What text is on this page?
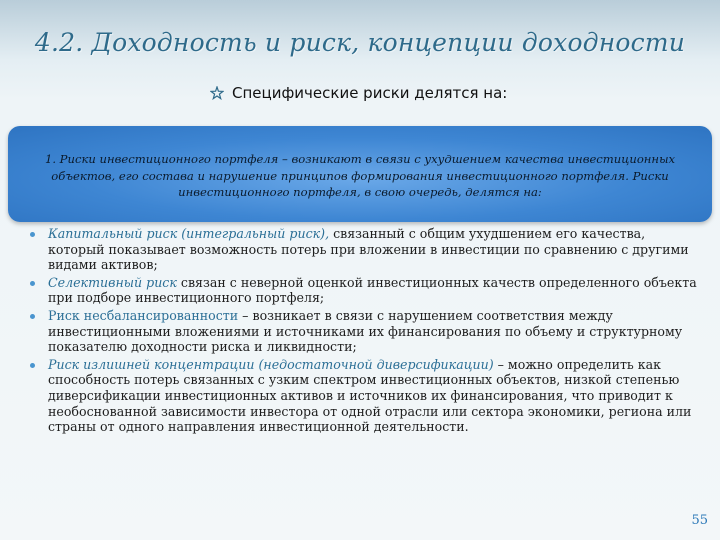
4.2. Доходность и риск, концепции доходности
Специфические риски делятся на:
1. Риски инвестиционного портфеля – возникают в связи с ухудшением качества инвестиционных объектов, его состава и нарушение принципов формирования инвестиционного портфеля. Риски инвестиционного портфеля, в свою очередь, делятся на:
Капитальный риск (интегральный риск), связанный с общим ухудшением его качества, который показывает возможность потерь при вложении в инвестиции по сравнению с другими видами активов;
Селективный риск связан с неверной оценкой инвестиционных качеств определенного объекта при подборе инвестиционного портфеля;
Риск несбалансированности – возникает в связи с нарушением соответствия между инвестиционными вложениями и источниками их финансирования по объему и структурному показателю доходности риска и ликвидности;
Риск излишней концентрации (недостаточной диверсификации) – можно определить как способность потерь связанных с узким спектром инвестиционных объектов, низкой степенью диверсификации инвестиционных активов и источников их финансирования, что приводит к необоснованной зависимости инвестора от одной отрасли или сектора экономики, региона или страны от одного направления инвестиционной деятельности.
55
